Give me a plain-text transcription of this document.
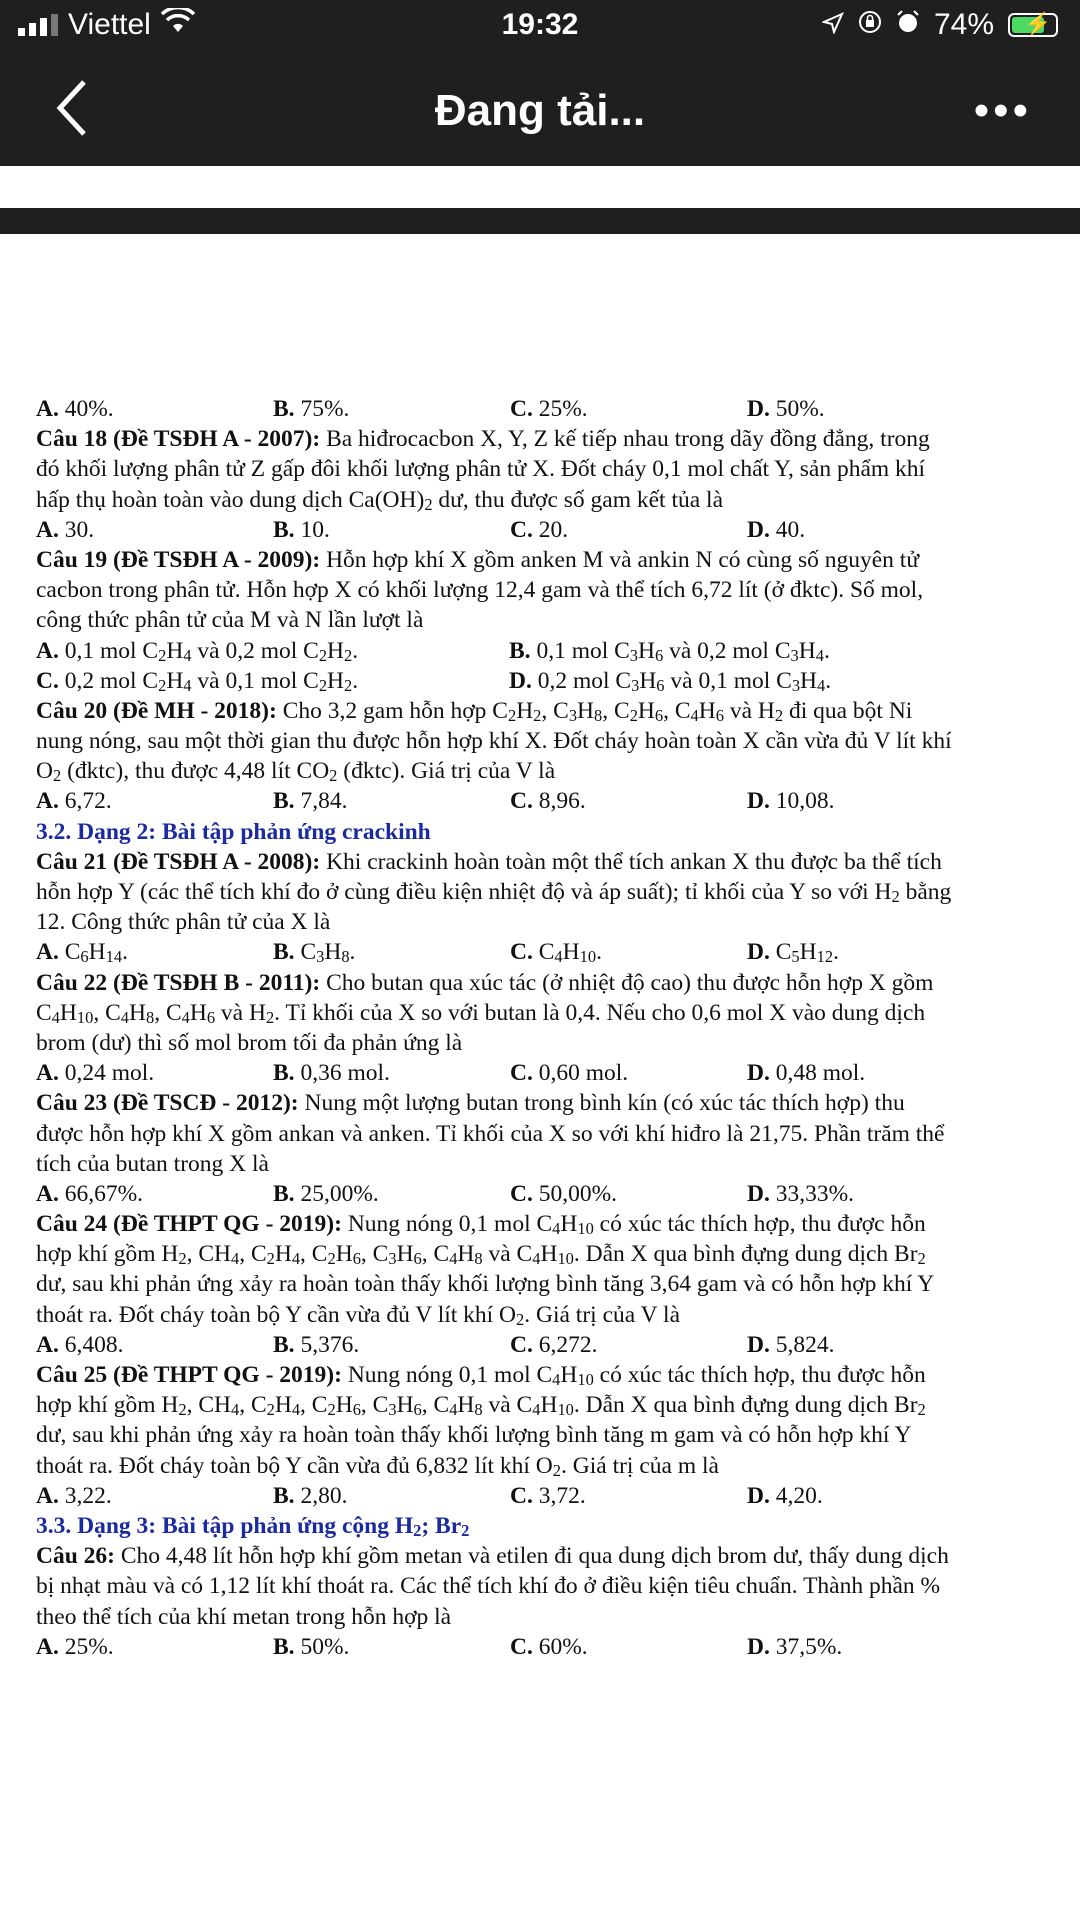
Viettel	19:32	74% ⚡
Đang tải...	•••
A. 40%.	B. 75%.	C. 25%.	D. 50%.
Câu 18 (Đề TSĐH A - 2007): Ba hiđrocacbon X, Y, Z kế tiếp nhau trong dãy đồng đẳng, trong
đó khối lượng phân tử Z gấp đôi khối lượng phân tử X. Đốt cháy 0,1 mol chất Y, sản phẩm khí
hấp thụ hoàn toàn vào dung dịch $Ca(OH)_2$ dư, thu được số gam kết tủa là
A. 30.	B. 10.	C. 20.	D. 40.
Câu 19 (Đề TSĐH A - 2009): Hỗn hợp khí X gồm anken M và ankin N có cùng số nguyên tử
cacbon trong phân tử. Hỗn hợp X có khối lượng 12,4 gam và thể tích 6,72 lít (ở đktc). Số mol,
công thức phân tử của M và N lần lượt là
A. 0,1 mol $C_2H_4$ và 0,2 mol $C_2H_2$.	B. 0,1 mol $C_3H_6$ và 0,2 mol $C_3H_4$.
C. 0,2 mol $C_2H_4$ và 0,1 mol $C_2H_2$.	D. 0,2 mol $C_3H_6$ và 0,1 mol $C_3H_4$.
Câu 20 (Đề MH - 2018): Cho 3,2 gam hỗn hợp $C_2H_2$, $C_3H_8$, $C_2H_6$, $C_4H_6$ và $H_2$ đi qua bột Ni
nung nóng, sau một thời gian thu được hỗn hợp khí X. Đốt cháy hoàn toàn X cần vừa đủ V lít khí
$O_2$ (đktc), thu được 4,48 lít $CO_2$ (đktc). Giá trị của V là
A. 6,72.	B. 7,84.	C. 8,96.	D. 10,08.
3.2. Dạng 2: Bài tập phản ứng crackinh
Câu 21 (Đề TSĐH A - 2008): Khi crackinh hoàn toàn một thể tích ankan X thu được ba thể tích
hỗn hợp Y (các thể tích khí đo ở cùng điều kiện nhiệt độ và áp suất); tỉ khối của Y so với $H_2$ bằng
12. Công thức phân tử của X là
A. $C_6H_{14}$.	B. $C_3H_8$.	C. $C_4H_{10}$.	D. $C_5H_{12}$.
Câu 22 (Đề TSĐH B - 2011): Cho butan qua xúc tác (ở nhiệt độ cao) thu được hỗn hợp X gồm
$C_4H_{10}$, $C_4H_8$, $C_4H_6$ và $H_2$. Tỉ khối của X so với butan là 0,4. Nếu cho 0,6 mol X vào dung dịch
brom (dư) thì số mol brom tối đa phản ứng là
A. 0,24 mol.	B. 0,36 mol.	C. 0,60 mol.	D. 0,48 mol.
Câu 23 (Đề TSCĐ - 2012): Nung một lượng butan trong bình kín (có xúc tác thích hợp) thu
được hỗn hợp khí X gồm ankan và anken. Tỉ khối của X so với khí hiđro là 21,75. Phần trăm thể
tích của butan trong X là
A. 66,67%.	B. 25,00%.	C. 50,00%.	D. 33,33%.
Câu 24 (Đề THPT QG - 2019): Nung nóng 0,1 mol $C_4H_{10}$ có xúc tác thích hợp, thu được hỗn
hợp khí gồm $H_2$, $CH_4$, $C_2H_4$, $C_2H_6$, $C_3H_6$, $C_4H_8$ và $C_4H_{10}$. Dẫn X qua bình đựng dung dịch $Br_2$
dư, sau khi phản ứng xảy ra hoàn toàn thấy khối lượng bình tăng 3,64 gam và có hỗn hợp khí Y
thoát ra. Đốt cháy toàn bộ Y cần vừa đủ V lít khí $O_2$. Giá trị của V là
A. 6,408.	B. 5,376.	C. 6,272.	D. 5,824.
Câu 25 (Đề THPT QG - 2019): Nung nóng 0,1 mol $C_4H_{10}$ có xúc tác thích hợp, thu được hỗn
hợp khí gồm $H_2$, $CH_4$, $C_2H_4$, $C_2H_6$, $C_3H_6$, $C_4H_8$ và $C_4H_{10}$. Dẫn X qua bình đựng dung dịch $Br_2$
dư, sau khi phản ứng xảy ra hoàn toàn thấy khối lượng bình tăng m gam và có hỗn hợp khí Y
thoát ra. Đốt cháy toàn bộ Y cần vừa đủ 6,832 lít khí $O_2$. Giá trị của m là
A. 3,22.	B. 2,80.	C. 3,72.	D. 4,20.
3.3. Dạng 3: Bài tập phản ứng cộng $H_2$; $Br_2$
Câu 26: Cho 4,48 lít hỗn hợp khí gồm metan và etilen đi qua dung dịch brom dư, thấy dung dịch
bị nhạt màu và có 1,12 lít khí thoát ra. Các thể tích khí đo ở điều kiện tiêu chuẩn. Thành phần %
theo thể tích của khí metan trong hỗn hợp là
A. 25%.	B. 50%.	C. 60%.	D. 37,5%.
